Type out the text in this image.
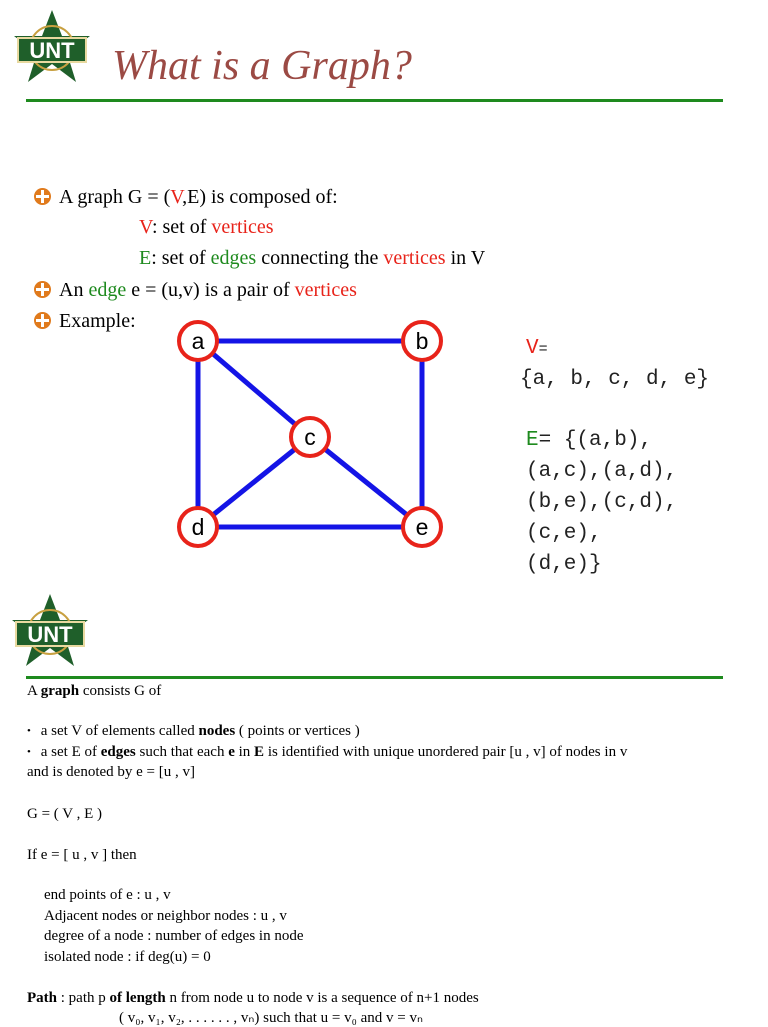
UNT What is a Graph?
A graph G = (V,E) is composed of:
V: set of vertices
E: set of edges connecting the vertices in V
An edge e = (u,v) is a pair of vertices
Example:
a	b
c
d	e
V=
{a, b, c, d, e}
E= {(a,b),
(a,c),(a,d),
(b,e),(c,d),
(c,e),
(d,e)}
UNT
A graph consists G of
• a set V of elements called nodes ( points or vertices )
• a set E of edges such that each e in E is identified with unique unordered pair [u , v] of nodes in v
and is denoted by e = [u , v]
G = ( V , E )
If e = [ u , v ] then
end points of e : u , v
Adjacent nodes or neighbor nodes : u , v
degree of a node : number of edges in node
isolated node : if deg(u) = 0
Path : path p of length n from node u to node v is a sequence of n+1 nodes
( v₀, v₁, v₂, . . . . . . , vₙ) such that u = v₀ and v = vₙ
